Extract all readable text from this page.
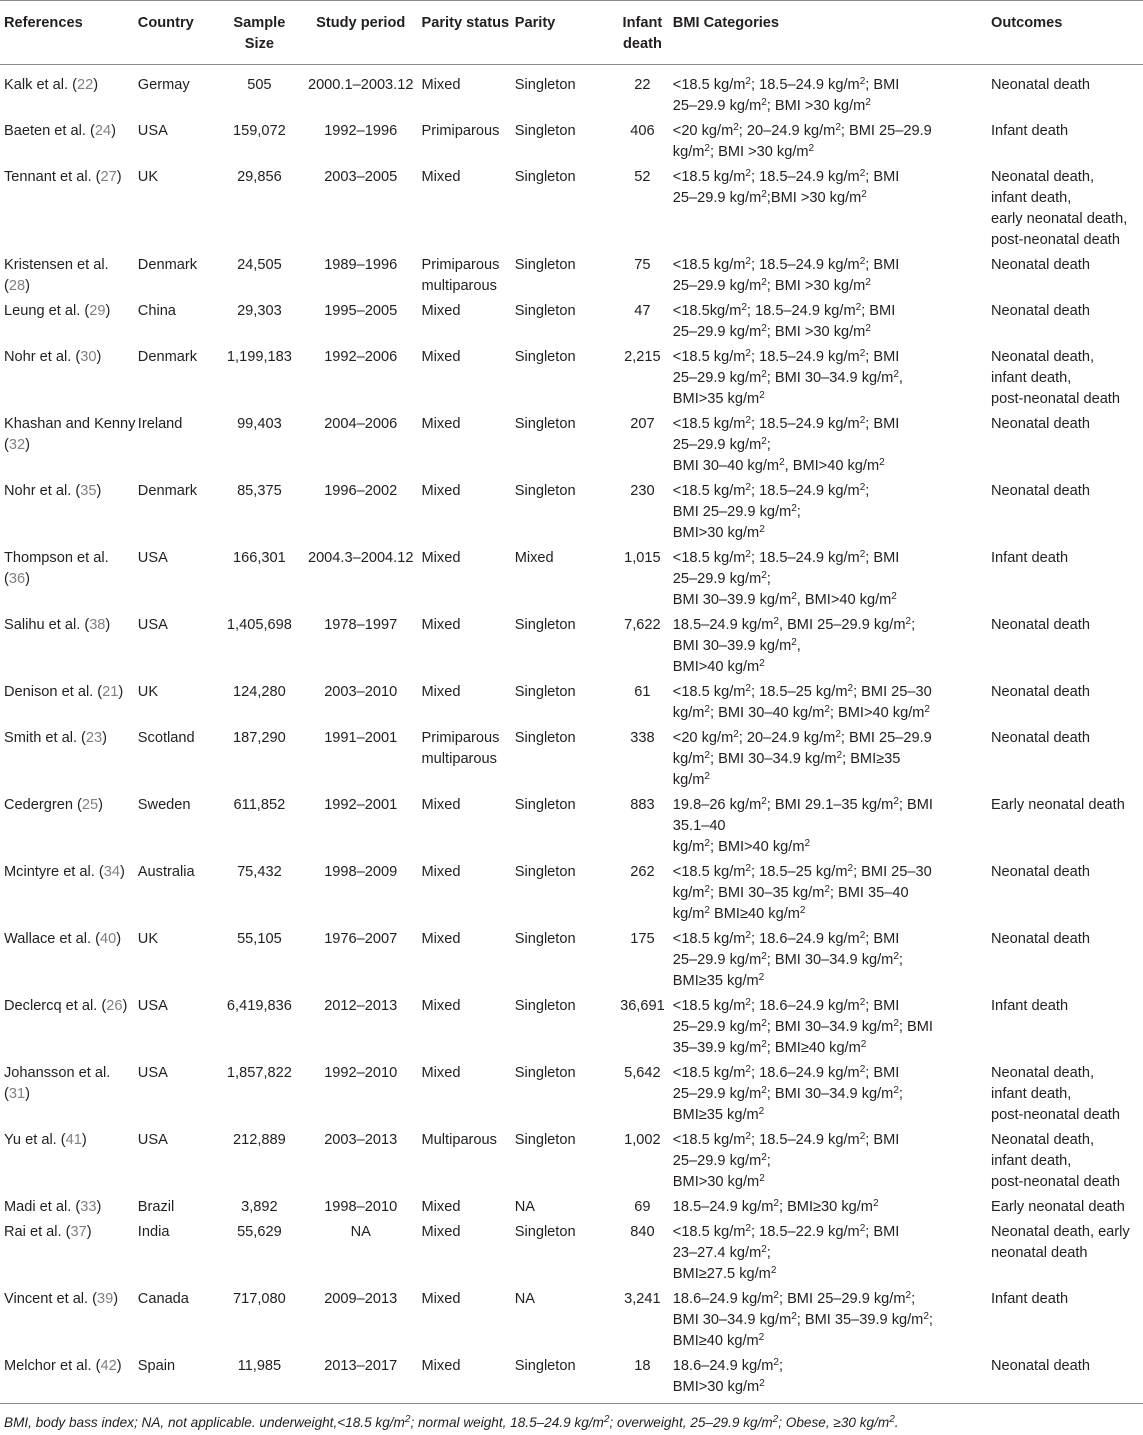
References	Country	Sample Size	Study period	Parity status	Parity	Infant death	BMI Categories	Outcomes
Kalk et al. (22)	Germay	505	2000.1–2003.12	Mixed	Singleton	22	<18.5 $kg/m^2$; 18.5–24.9 $kg/m^2$; BMI
25–29.9 $kg/m^2$; BMI >30 $kg/m^2$	Neonatal death

Baeten et al. (24)	USA	159,072	1992–1996	Primiparous	Singleton	406	<20 $kg/m^2$; 20–24.9 $kg/m^2$; BMI 25–29.9
$kg/m^2$; BMI >30 $kg/m^2$	Infant death

Tennant et al. (27)	UK	29,856	2003–2005	Mixed	Singleton	52	<18.5 $kg/m^2$; 18.5–24.9 $kg/m^2$; BMI
25–29.9 $kg/m^2;BMI >30$ $kg/m^2$	Neonatal death,
infant death,
early neonatal death,
post-neonatal death

Kristensen et al. (28)	Denmark	24,505	1989–1996	Primiparous multiparous	Singleton	75	<18.5 $kg/m^2$; 18.5–24.9 $kg/m^2$; BMI
25–29.9 $kg/m^2$; BMI >30 $kg/m^2$	Neonatal death

Leung et al. (29)	China	29,303	1995–2005	Mixed	Singleton	47	$<18.5kg/m^2$; 18.5–24.9 $kg/m^2$; BMI
25–29.9 $kg/m^2$; BMI >30 $kg/m^2$	Neonatal death

Nohr et al. (30)	Denmark	1,199,183	1992–2006	Mixed	Singleton	2,215	<18.5 $kg/m^2$; 18.5–24.9 $kg/m^2$; BMI
25–29.9 $kg/m^2$; BMI 30–34.9 $kg/m^2$,
BMI>35 $kg/m^2$	Neonatal death,
infant death,
post-neonatal death

Khashan and Kenny (32)	Ireland	99,403	2004–2006	Mixed	Singleton	207	<18.5 $kg/m^2$; 18.5–24.9 $kg/m^2$; BMI
25–29.9 $kg/m^2$;
BMI 30–40 $kg/m^2$, BMI>40 $kg/m^2$	Neonatal death

Nohr et al. (35)	Denmark	85,375	1996–2002	Mixed	Singleton	230	<18.5 $kg/m^2$; 18.5–24.9 $kg/m^2$;
BMI 25–29.9 $kg/m^2$;
BMI>30 $kg/m^2$	Neonatal death

Thompson et al. (36)	USA	166,301	2004.3–2004.12	Mixed	Mixed	1,015	<18.5 $kg/m^2$; 18.5–24.9 $kg/m^2$; BMI
25–29.9 $kg/m^2$;
BMI 30–39.9 $kg/m^2$, BMI>40 $kg/m^2$	Infant death

Salihu et al. (38)	USA	1,405,698	1978–1997	Mixed	Singleton	7,622	18.5–24.9 $kg/m^2$, BMI 25–29.9 $kg/m^2$;
BMI 30–39.9 $kg/m^2$,
BMI>40 $kg/m^2$	Neonatal death

Denison et al. (21)	UK	124,280	2003–2010	Mixed	Singleton	61	<18.5 $kg/m^2$; 18.5–25 $kg/m^2$; BMI 25–30
$kg/m^2$; BMI 30–40 $kg/m^2$; BMI>40 $kg/m^2$	Neonatal death

Smith et al. (23)	Scotland	187,290	1991–2001	Primiparous multiparous	Singleton	338	<20 $kg/m^2$; 20–24.9 $kg/m^2$; BMI 25–29.9
$kg/m^2$; BMI 30–34.9 $kg/m^2$; BMI≥35
$kg/m^2$	Neonatal death

Cedergren (25)	Sweden	611,852	1992–2001	Mixed	Singleton	883	19.8–26 $kg/m^2$; BMI 29.1–35 $kg/m^2$; BMI
35.1–40
$kg/m^2$; BMI>40 $kg/m^2$	Early neonatal death

Mcintyre et al. (34)	Australia	75,432	1998–2009	Mixed	Singleton	262	<18.5 $kg/m^2$; 18.5–25 $kg/m^2$; BMI 25–30
$kg/m^2$; BMI 30–35 $kg/m^2$; BMI 35–40
$kg/m^2$ BMI≥40 $kg/m^2$	Neonatal death

Wallace et al. (40)	UK	55,105	1976–2007	Mixed	Singleton	175	<18.5 $kg/m^2$; 18.6–24.9 $kg/m^2$; BMI
25–29.9 $kg/m^2$; BMI 30–34.9 $kg/m^2$;
BMI≥35 $kg/m^2$	Neonatal death

Declercq et al. (26)	USA	6,419,836	2012–2013	Mixed	Singleton	36,691	<18.5 $kg/m^2$; 18.6–24.9 $kg/m^2$; BMI
25–29.9 $kg/m^2$; BMI 30–34.9 $kg/m^2$; BMI
35–39.9 $kg/m^2$; BMI≥40 $kg/m^2$	Infant death

Johansson et al. (31)	USA	1,857,822	1992–2010	Mixed	Singleton	5,642	<18.5 $kg/m^2$; 18.6–24.9 $kg/m^2$; BMI
25–29.9 $kg/m^2$; BMI 30–34.9 $kg/m^2$;
BMI≥35 $kg/m^2$	Neonatal death,
infant death,
post-neonatal death

Yu et al. (41)	USA	212,889	2003–2013	Multiparous	Singleton	1,002	<18.5 $kg/m^2$; 18.5–24.9 $kg/m^2$; BMI
25–29.9 $kg/m^2$;
BMI>30 $kg/m^2$	Neonatal death,
infant death,
post-neonatal death

Madi et al. (33)	Brazil	3,892	1998–2010	Mixed	NA	69	18.5–24.9 $kg/m^2$; BMI≥30 $kg/m^2$	Early neonatal death

Rai et al. (37)	India	55,629	NA	Mixed	Singleton	840	<18.5 $kg/m^2$; 18.5–22.9 $kg/m^2$; BMI
23–27.4 $kg/m^2$;
BMI≥27.5 $kg/m^2$	Neonatal death, early
neonatal death

Vincent et al. (39)	Canada	717,080	2009–2013	Mixed	NA	3,241	18.6–24.9 $kg/m^2$; BMI 25–29.9 $kg/m^2$;
BMI 30–34.9 $kg/m^2$; BMI 35–39.9 $kg/m^2$;
BMI≥40 $kg/m^2$	Infant death

Melchor et al. (42)	Spain	11,985	2013–2017	Mixed	Singleton	18	18.6–24.9 $kg/m^2$;
BMI>30 $kg/m^2$	Neonatal death
BMI, body bass index; NA, not applicable. underweight,<18.5 $kg/m^2$; normal weight, 18.5–24.9 $kg/m^2$; overweight, 25–29.9 $kg/m^2$; Obese, ≥30 $kg/m^2$.
